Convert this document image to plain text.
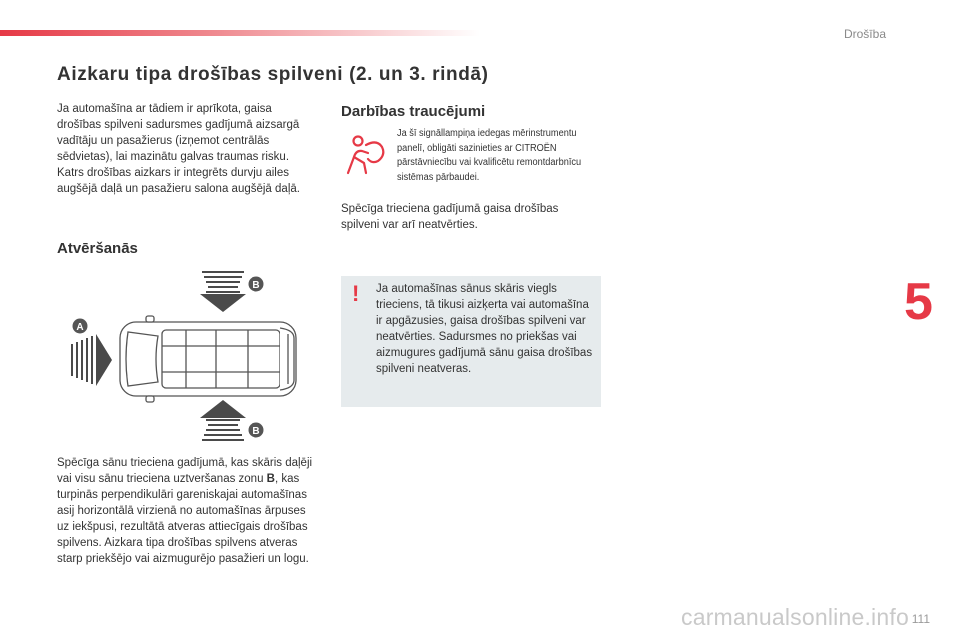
Drošība
Aizkaru tipa drošības spilveni (2. un 3. rindā)

Ja automašīna ar tādiem ir aprīkota, gaisa drošības spilveni sadursmes gadījumā aizsargā vadītāju un pasažierus (izņemot centrālās sēdvietas), lai mazinātu galvas traumas risku. Katrs drošības aizkars ir integrēts durvju ailes augšējā daļā un pasažieru salona augšējā daļā.

Atvēršanās
A
B
B

Spēcīga sānu trieciena gadījumā, kas skāris daļēji vai visu sānu trieciena uztveršanas zonu B, kas turpinās perpendikulāri gareniskajai automašīnas asij horizontālā virzienā no automašīnas ārpuses uz iekšpusi, rezultātā atveras attiecīgais drošības spilvens. Aizkara tipa drošības spilvens atveras starp priekšējo vai aizmugurējo pasažieri un logu.

Darbības traucējumi

Ja šī signāllampiņa iedegas mērinstrumentu panelī, obligāti sazinieties ar CITROËN pārstāvniecību vai kvalificētu remontdarbnīcu sistēmas pārbaudei.

Spēcīga trieciena gadījumā gaisa drošības spilveni var arī neatvērties.

! Ja automašīnas sānus skāris viegls trieciens, tā tikusi aizķerta vai automašīna ir apgāzusies, gaisa drošības spilveni var neatvērties. Sadursmes no priekšas vai aizmugures gadījumā sānu gaisa drošības spilveni neatveras.

5
carmanualsonline.info 111
